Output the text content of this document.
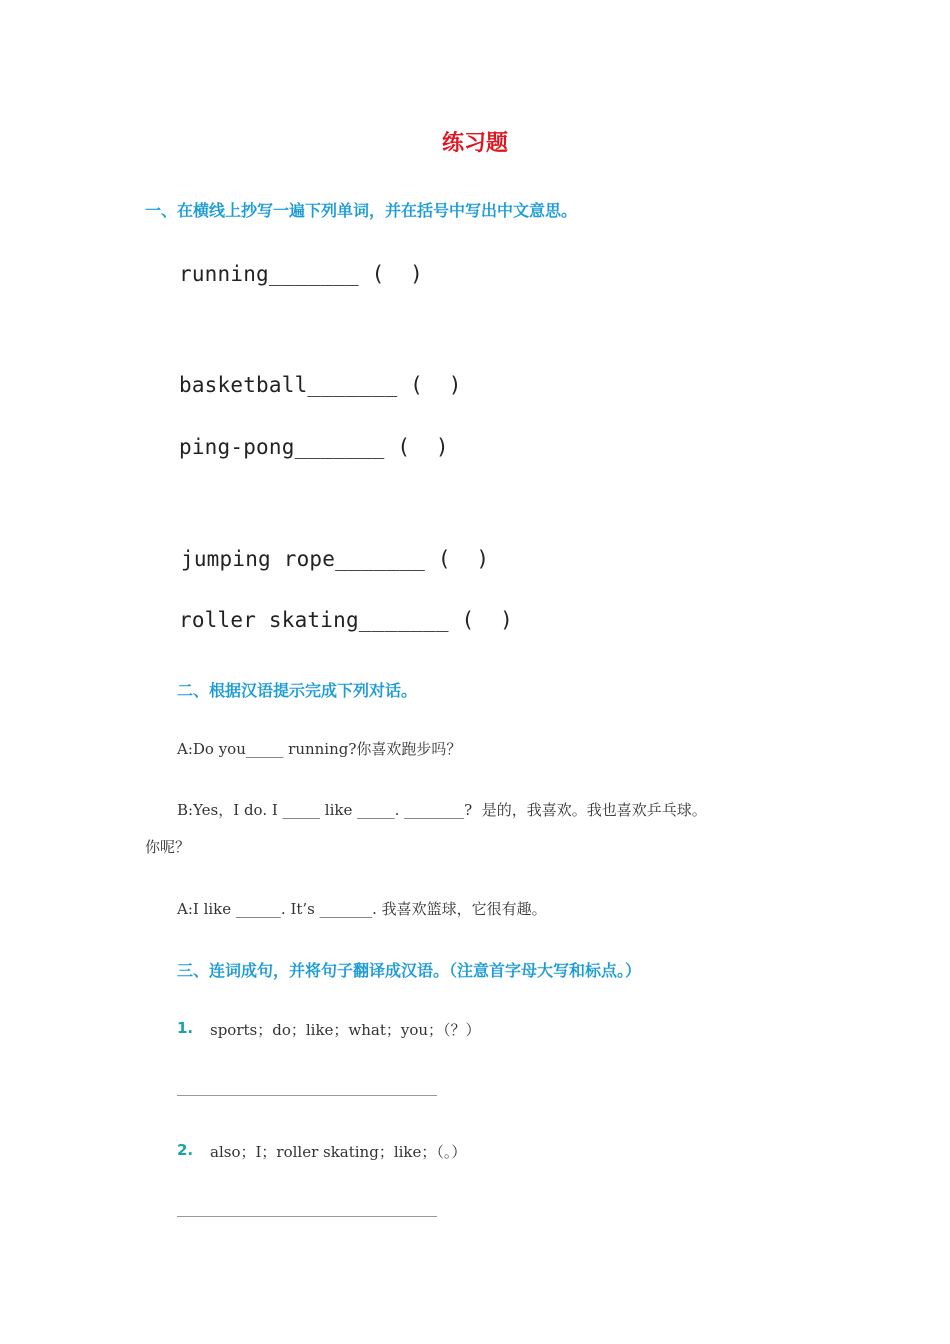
练习题
一、在横线上抄写一遍下列单词，并在括号中写出中文意思。
running_______ (  )
basketball_______ (  )
ping-pong_______ (  )
jumping rope_______ (  )
roller skating_______ (  )
二、根据汉语提示完成下列对话。
A:Do you_____ running?你喜欢跑步吗？
B:Yes，I do. I _____ like _____. ________?  是的，我喜欢。我也喜欢乒乓球。
你呢？
A:I like ______. It’s _______. 我喜欢篮球，它很有趣。
三、连词成句，并将句子翻译成汉语。（注意首字母大写和标点。）
1. sports；do；like；what；you；（？）
2. also；I；roller skating；like；（。）
